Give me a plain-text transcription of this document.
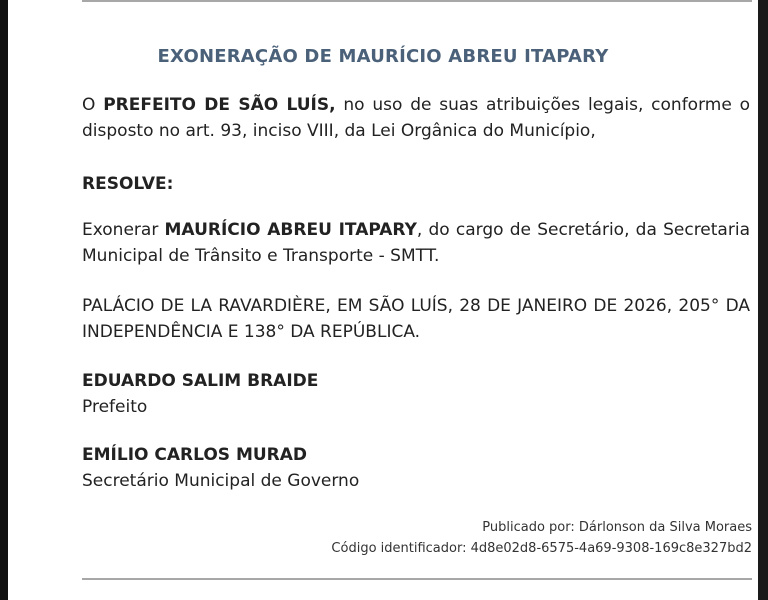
EXONERAÇÃO DE MAURÍCIO ABREU ITAPARY
O PREFEITO DE SÃO LUÍS, no uso de suas atribuições legais, conforme o disposto no art. 93, inciso VIII, da Lei Orgânica do Município,
RESOLVE:
Exonerar MAURÍCIO ABREU ITAPARY, do cargo de Secretário, da Secretaria Municipal de Trânsito e Transporte - SMTT.
PALÁCIO DE LA RAVARDIÈRE, EM SÃO LUÍS, 28 DE JANEIRO DE 2026, 205° DA INDEPENDÊNCIA E 138° DA REPÚBLICA.
EDUARDO SALIM BRAIDE
Prefeito
EMÍLIO CARLOS MURAD
Secretário Municipal de Governo
Publicado por: Dárlonson da Silva Moraes
Código identificador: 4d8e02d8-6575-4a69-9308-169c8e327bd2
